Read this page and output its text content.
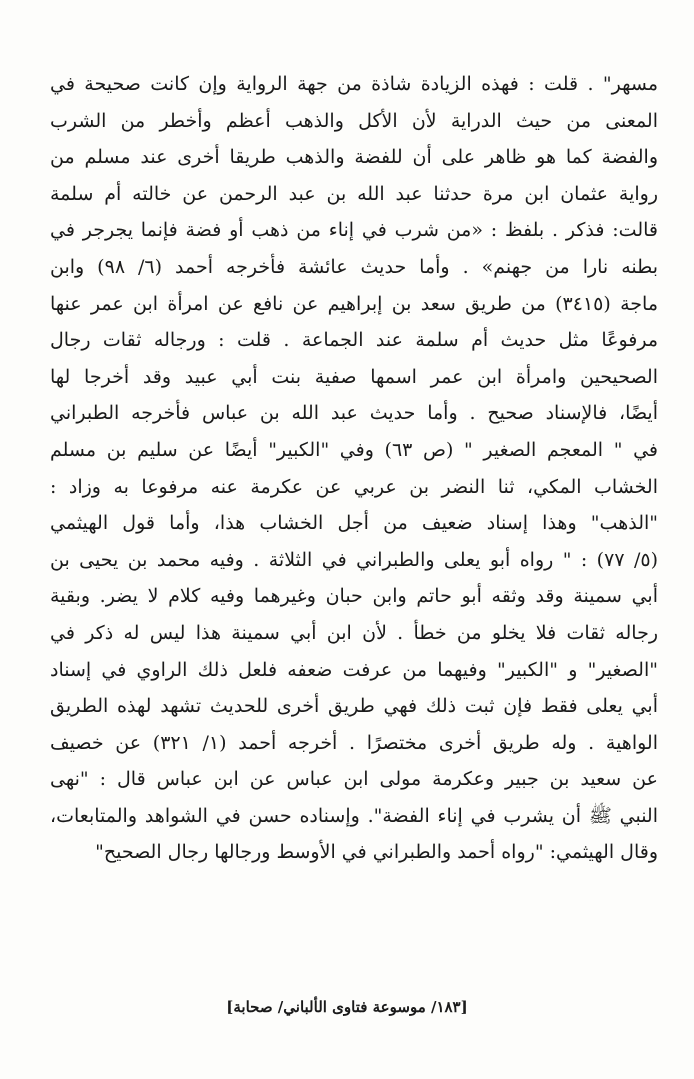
مسهر" . قلت : فهذه الزيادة شاذة من جهة الرواية وإن كانت صحيحة في
المعنى من حيث الدراية لأن الأكل والذهب أعظم وأخطر من الشرب
والفضة كما هو ظاهر على أن للفضة والذهب طريقا أخرى عند مسلم من
رواية عثمان ابن مرة حدثنا عبد الله بن عبد الرحمن عن خالته أم سلمة
قالت: فذكر . بلفظ : «من شرب في إناء من ذهب أو فضة فإنما يجرجر في
بطنه نارا من جهنم» . وأما حديث عائشة فأخرجه أحمد (٦/ ٩٨) وابن
ماجة (٣٤١٥) من طريق سعد بن إبراهيم عن نافع عن امرأة ابن عمر عنها
مرفوعًا مثل حديث أم سلمة عند الجماعة . قلت : ورجاله ثقات رجال
الصحيحين وامرأة ابن عمر اسمها صفية بنت أبي عبيد وقد أخرجا لها
أيضًا، فالإسناد صحيح . وأما حديث عبد الله بن عباس فأخرجه الطبراني
في " المعجم الصغير " (ص ٦٣) وفي "الكبير" أيضًا عن سليم بن مسلم
الخشاب المكي، ثنا النضر بن عربي عن عكرمة عنه مرفوعا به وزاد :
"الذهب" وهذا إسناد ضعيف من أجل الخشاب هذا، وأما قول الهيثمي
(٥/ ٧٧) : " رواه أبو يعلى والطبراني في الثلاثة . وفيه محمد بن يحيى بن
أبي سمينة وقد وثقه أبو حاتم وابن حبان وغيرهما وفيه كلام لا يضر. وبقية
رجاله ثقات فلا يخلو من خطأ . لأن ابن أبي سمينة هذا ليس له ذكر في
"الصغير" و "الكبير" وفيهما من عرفت ضعفه فلعل ذلك الراوي في إسناد
أبي يعلى فقط فإن ثبت ذلك فهي طريق أخرى للحديث تشهد لهذه الطريق
الواهية . وله طريق أخرى مختصرًا . أخرجه أحمد (١/ ٣٢١) عن خصيف
عن سعيد بن جبير وعكرمة مولى ابن عباس عن ابن عباس قال : "نهى
النبي ﷺ أن يشرب في إناء الفضة". وإسناده حسن في الشواهد والمتابعات،
وقال الهيثمي: "رواه أحمد والطبراني في الأوسط ورجالها رجال الصحيح"
[١٨٣/ موسوعة فتاوى الألباني/ صحابة]
